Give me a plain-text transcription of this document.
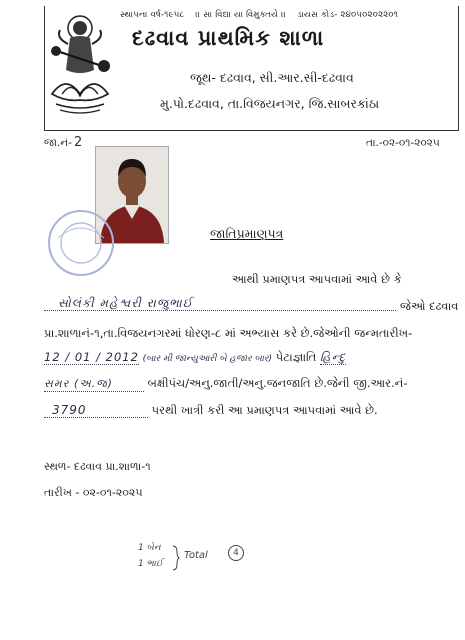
સ્થાપના વર્ષ-૧૯૫૮ ।। સા વિદ્યા યા વિમુક્તયે ।। ડાયસ કોડ- ૨૪૦૫૦૨૦૨૨૦૧
દઢવાવ પ્રાથમિક શાળા
જૂથ- દઢવાવ, સી.આર.સી-દઢવાવ
મુ.પો.દઢવાવ, તા.વિજયનગર, જિ.સાબરકાંઠા
જા.નં- 2	તા.-૦૨-૦૧-૨૦૨૫
જાતિપ્રમાણપત્ર
આથી પ્રમાણપત્ર આપવામાં આવે છે કે
સોલંકી મહેશ્વરી રાજુભાઈ	જેઓ દઢવાવ
પ્રા.શાળાનં-૧,તા.વિજયનગરમાં ધોરણ-૮ માં અભ્યાસ કરે છે.જેઓની જન્મતારીખ-
12 / 01 / 2012 (બાર મી જાન્યુઆરી બે હજાર બાર) પેટાજ્ઞાતિ હિન્દુ
સમર (અ.જ)	બક્ષીપંચ/અનુ.જાતી/અનુ.જનજાતિ છે.જેની જી.આર.નં-
3790	પરથી ખાત્રી કરી આ પ્રમાણપત્ર આપવામાં આવે છે.
સ્થળ- દઢવાવ પ્રા.શાળા-૧
તારીખ - ૦૨-૦૧-૨૦૨૫
1 બેન
1 ભાઈ
Total	4
